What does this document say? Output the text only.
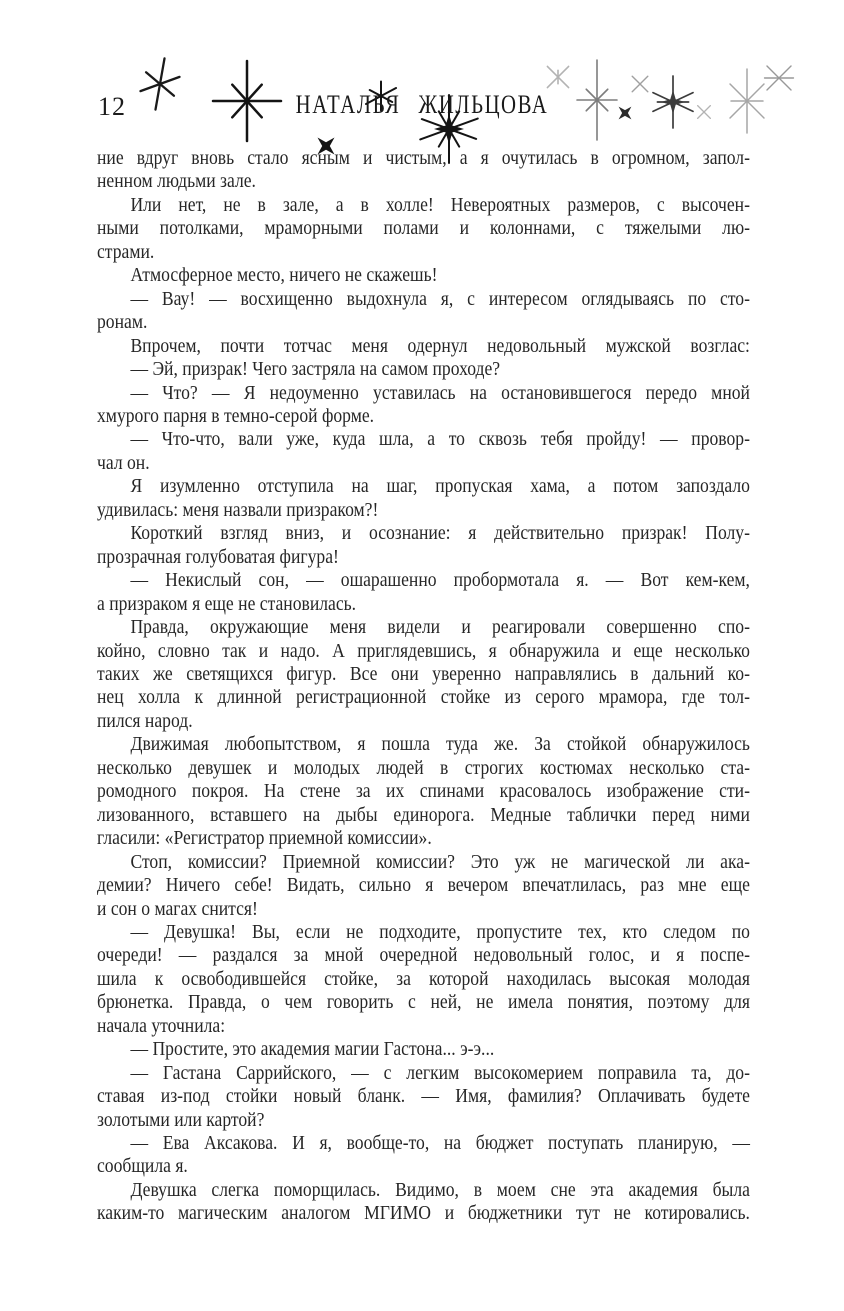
12	НАТАЛЬЯ ЖИЛЬЦОВА
ние вдруг вновь стало ясным и чистым, а я очутилась в огромном, запол-
ненном людьми зале.
Или нет, не в зале, а в холле! Невероятных размеров, с высочен-
ными потолками, мраморными полами и колоннами, с тяжелыми лю-
страми.
Атмосферное место, ничего не скажешь!
— Вау! — восхищенно выдохнула я, с интересом оглядываясь по сто-
ронам.
Впрочем, почти тотчас меня одернул недовольный мужской возглас:
— Эй, призрак! Чего застряла на самом проходе?
— Что? — Я недоуменно уставилась на остановившегося передо мной
хмурого парня в темно-серой форме.
— Что-что, вали уже, куда шла, а то сквозь тебя пройду! — провор-
чал он.
Я изумленно отступила на шаг, пропуская хама, а потом запоздало
удивилась: меня назвали призраком?!
Короткий взгляд вниз, и осознание: я действительно призрак! Полу-
прозрачная голубоватая фигура!
— Некислый сон, — ошарашенно пробормотала я. — Вот кем-кем,
а призраком я еще не становилась.
Правда, окружающие меня видели и реагировали совершенно спо-
койно, словно так и надо. А приглядевшись, я обнаружила и еще несколько
таких же светящихся фигур. Все они уверенно направлялись в дальний ко-
нец холла к длинной регистрационной стойке из серого мрамора, где тол-
пился народ.
Движимая любопытством, я пошла туда же. За стойкой обнаружилось
несколько девушек и молодых людей в строгих костюмах несколько ста-
ромодного покроя. На стене за их спинами красовалось изображение сти-
лизованного, вставшего на дыбы единорога. Медные таблички перед ними
гласили: «Регистратор приемной комиссии».
Стоп, комиссии? Приемной комиссии? Это уж не магической ли ака-
демии? Ничего себе! Видать, сильно я вечером впечатлилась, раз мне еще
и сон о магах снится!
— Девушка! Вы, если не подходите, пропустите тех, кто следом по
очереди! — раздался за мной очередной недовольный голос, и я поспе-
шила к освободившейся стойке, за которой находилась высокая молодая
брюнетка. Правда, о чем говорить с ней, не имела понятия, поэтому для
начала уточнила:
— Простите, это академия магии Гастона... э-э...
— Гастана Саррийского, — с легким высокомерием поправила та, до-
ставая из-под стойки новый бланк. — Имя, фамилия? Оплачивать будете
золотыми или картой?
— Ева Аксакова. И я, вообще-то, на бюджет поступать планирую, —
сообщила я.
Девушка слегка поморщилась. Видимо, в моем сне эта академия была
каким-то магическим аналогом МГИМО и бюджетники тут не котировались.
